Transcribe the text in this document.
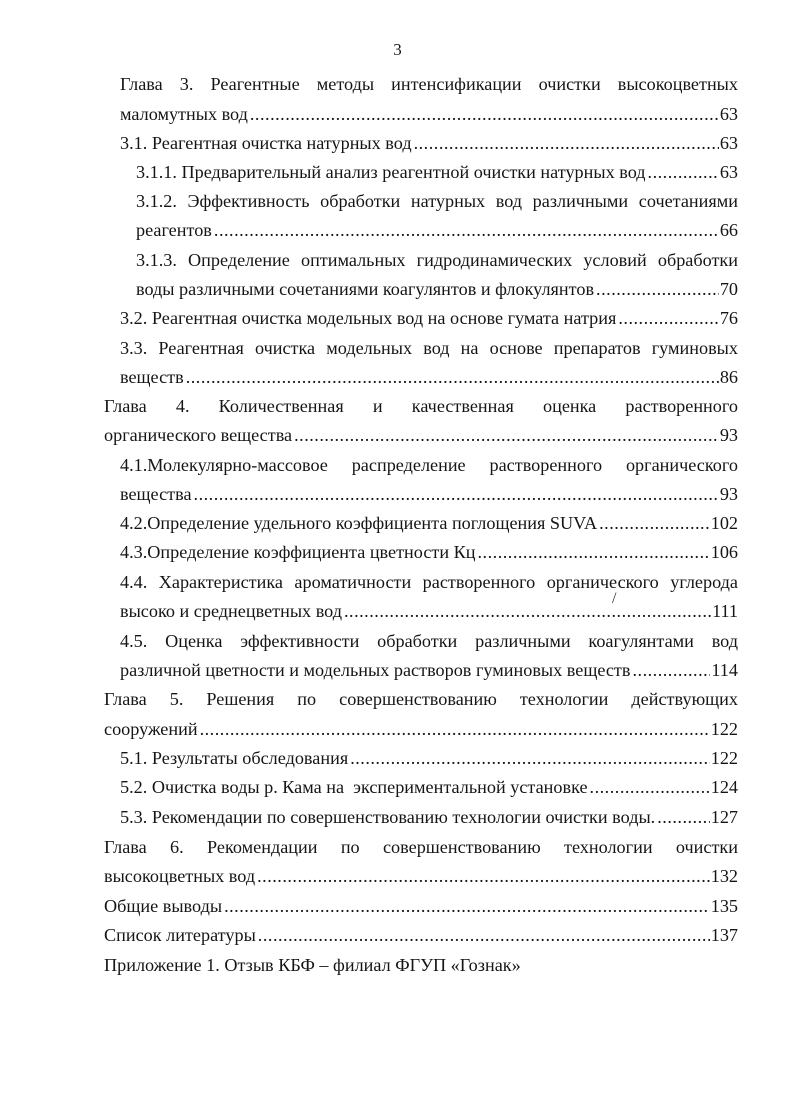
3
Глава 3. Реагентные методы интенсификации очистки высокоцветных
маломутных вод .....	63
3.1. Реагентная очистка натурных вод .....	63
3.1.1. Предварительный анализ реагентной очистки натурных вод .....	63
3.1.2. Эффективность обработки натурных вод различными сочетаниями
реагентов .....	66
3.1.3. Определение оптимальных гидродинамических условий обработки
воды различными сочетаниями коагулянтов и флокулянтов .....	70
3.2. Реагентная очистка модельных вод на основе гумата натрия .....	76
3.3. Реагентная очистка модельных вод на основе препаратов гуминовых
веществ .....	86
Глава 4. Количественная и качественная оценка растворенного
органического вещества .....	93
4.1.Молекулярно-массовое распределение растворенного органического
вещества .....	93
4.2.Определение удельного коэффициента поглощения SUVA .....	102
4.3.Определение коэффициента цветности Кц .....	106
4.4. Характеристика ароматичности растворенного органического углерода
высоко и среднецветных вод .....	111
4.5. Оценка эффективности обработки различными коагулянтами вод
различной цветности и модельных растворов гуминовых веществ .....	114
Глава 5. Решения по совершенствованию технологии действующих
сооружений .....	122
5.1. Результаты обследования .....	122
5.2. Очистка воды р. Кама на  экспериментальной установке .....	124
5.3. Рекомендации по совершенствованию технологии очистки воды. .....	127
Глава 6. Рекомендации по совершенствованию технологии очистки
высокоцветных вод .....	132
Общие выводы .....	135
Список литературы .....	137
Приложение 1. Отзыв КБФ – филиал ФГУП «Гознак»
/
